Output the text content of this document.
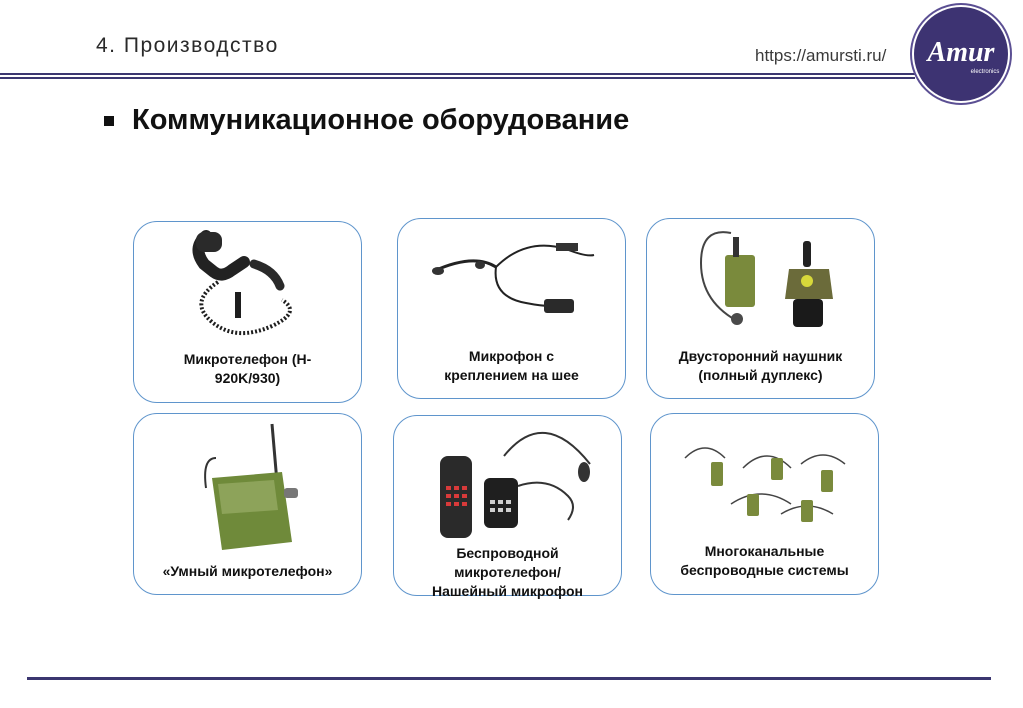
4. Производство	https://amursti.ru/ Amur
electronics
Коммуникационное оборудование
Микротелефон (Н-
920K/930)
Микрофон с
креплением на шее
Двусторонний наушник
(полный дуплекс)
«Умный микротелефон»
Беспроводной
микротелефон/
Нашейный микрофон
Многоканальные
беспроводные системы
